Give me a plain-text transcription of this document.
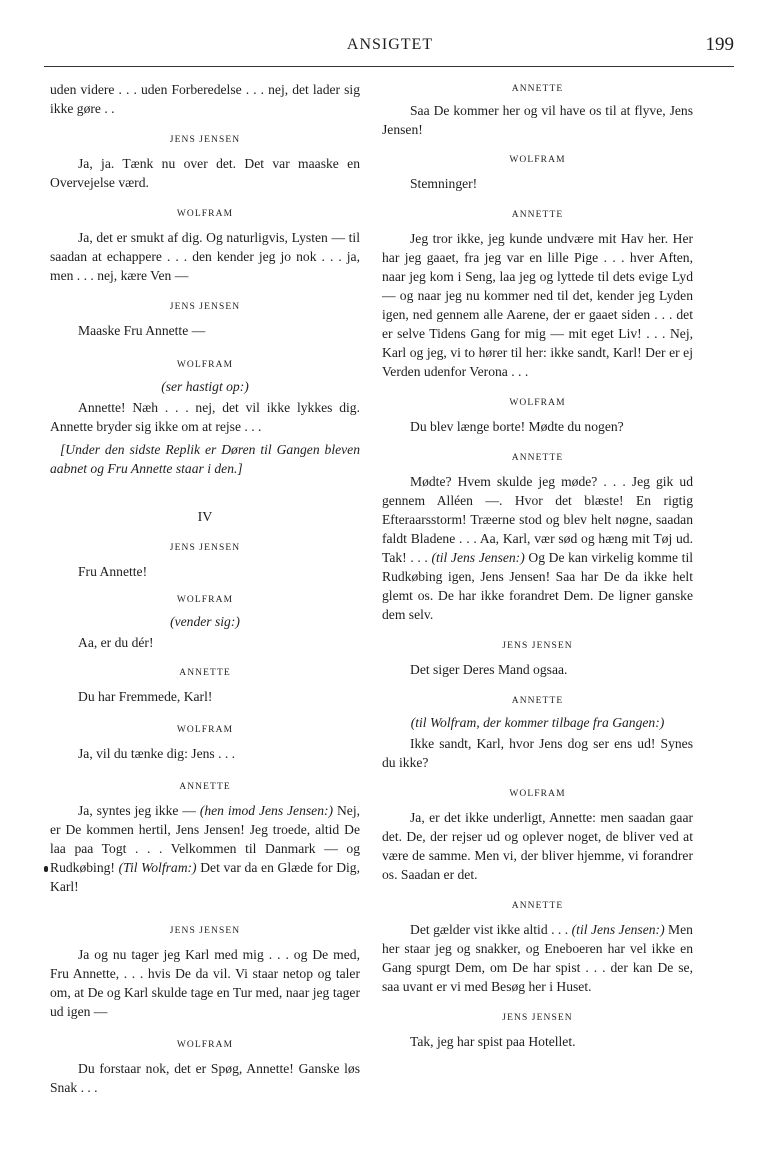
ANSIGTET	199

uden videre . . . uden Forberedelse . . . nej, det lader sig ikke gøre . .

JENS JENSEN

Ja, ja. Tænk nu over det. Det var maaske en Overvejelse værd.

WOLFRAM

Ja, det er smukt af dig. Og naturligvis, Lysten — til saadan at echappere . . . den kender jeg jo nok . . . ja, men . . . nej, kære Ven —

JENS JENSEN

Maaske Fru Annette —

WOLFRAM

(ser hastigt op:)

Annette! Næh . . . nej, det vil ikke lykkes dig. Annette bryder sig ikke om at rejse . . .

[Under den sidste Replik er Døren til Gangen bleven aabnet og Fru Annette staar i den.]

IV

JENS JENSEN

Fru Annette!

WOLFRAM

(vender sig:)

Aa, er du dér!

ANNETTE

Du har Fremmede, Karl!

WOLFRAM

Ja, vil du tænke dig: Jens . . .

ANNETTE

Ja, syntes jeg ikke — (hen imod Jens Jensen:) Nej, er De kommen hertil, Jens Jensen! Jeg troede, altid De laa paa Togt . . . Velkommen til Danmark — og Rudkøbing! (Til Wolfram:) Det var da en Glæde for Dig, Karl!

JENS JENSEN

Ja og nu tager jeg Karl med mig . . . og De med, Fru Annette, . . . hvis De da vil. Vi staar netop og taler om, at De og Karl skulde tage en Tur med, naar jeg tager ud igen —

WOLFRAM

Du forstaar nok, det er Spøg, Annette! Ganske løs Snak . . .

ANNETTE

Saa De kommer her og vil have os til at flyve, Jens Jensen!

WOLFRAM

Stemninger!

ANNETTE

Jeg tror ikke, jeg kunde undvære mit Hav her. Her har jeg gaaet, fra jeg var en lille Pige . . . hver Aften, naar jeg kom i Seng, laa jeg og lyttede til dets evige Lyd — og naar jeg nu kommer ned til det, kender jeg Lyden igen, ned gennem alle Aarene, der er gaaet siden . . . det er selve Tidens Gang for mig — mit eget Liv! . . . Nej, Karl og jeg, vi to hører til her: ikke sandt, Karl! Der er ej Verden udenfor Verona . . .

WOLFRAM

Du blev længe borte! Mødte du nogen?

ANNETTE

Mødte? Hvem skulde jeg møde? . . . Jeg gik ud gennem Alléen —. Hvor det blæste! En rigtig Efteraarsstorm! Træerne stod og blev helt nøgne, saadan faldt Bladene . . . Aa, Karl, vær sød og hæng mit Tøj ud. Tak! . . . (til Jens Jensen:) Og De kan virkelig komme til Rudkøbing igen, Jens Jensen! Saa har De da ikke helt glemt os. De har ikke forandret Dem. De ligner ganske dem selv.

JENS JENSEN

Det siger Deres Mand ogsaa.

ANNETTE

(til Wolfram, der kommer tilbage fra Gangen:)

Ikke sandt, Karl, hvor Jens dog ser ens ud! Synes du ikke?

WOLFRAM

Ja, er det ikke underligt, Annette: men saadan gaar det. De, der rejser ud og oplever noget, de bliver ved at være de samme. Men vi, der bliver hjemme, vi forandrer os. Saadan er det.

ANNETTE

Det gælder vist ikke altid . . . (til Jens Jensen:) Men her staar jeg og snakker, og Eneboeren har vel ikke en Gang spurgt Dem, om De har spist . . . der kan De se, saa uvant er vi med Besøg her i Huset.

JENS JENSEN

Tak, jeg har spist paa Hotellet.
